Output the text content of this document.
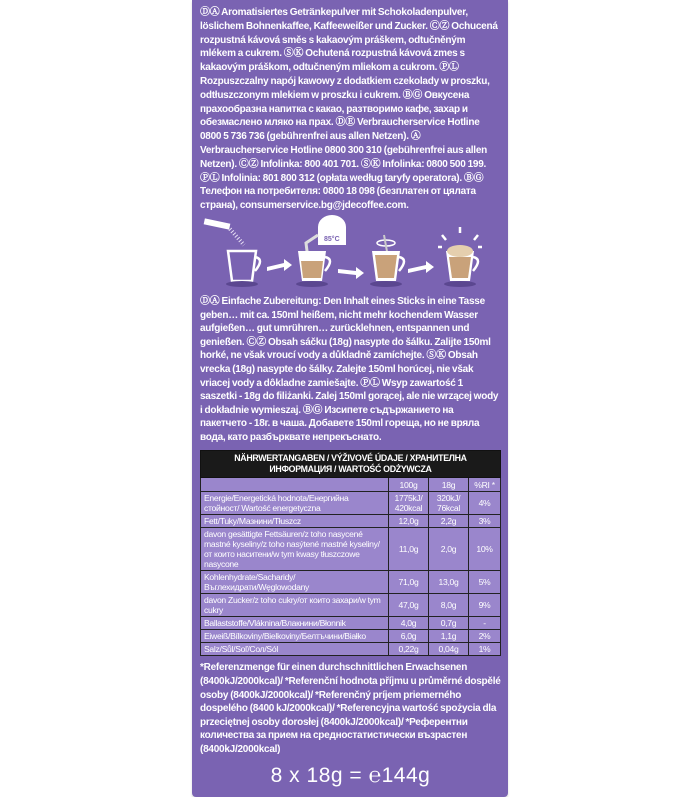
ⒹⒶ Aromatisiertes Getränkepulver mit Schokoladenpulver, löslichem Bohnenkaffee, Kaffeeweißer und Zucker. ⒸⓏ Ochucená rozpustná kávová směs s kakaovým práškem, odtučněným mlékem a cukrem. ⓈⓀ Ochutená rozpustná kávová zmes s kakaovým práškom, odtučneným mliekom a cukrom. ⓅⓁ Rozpuszczalny napój kawowy z dodatkiem czekolady w proszku, odtłuszczonym mlekiem w proszku i cukrem. ⒷⒼ Овкусена прахообразна напитка с какао, разтворимо кафе, захар и обезмаслено мляко на прах. ⒹⒺ Verbraucherservice Hotline 0800 5 736 736 (gebührenfrei aus allen Netzen). Ⓐ Verbraucherservice Hotline 0800 300 310 (gebührenfrei aus allen Netzen). ⒸⓏ Infolinka: 800 401 701. ⓈⓀ Infolinka: 0800 500 199. ⓅⓁ Infolinia: 801 800 312 (opłata według taryfy operatora). ⒷⒼ Телефон на потребителя: 0800 18 098 (безплатен от цялата страна), consumerservice.bg@jdecoffee.com.
85°C
ⒹⒶ Einfache Zubereitung: Den Inhalt eines Sticks in eine Tasse geben… mit ca. 150ml heißem, nicht mehr kochendem Wasser aufgießen… gut umrühren… zurücklehnen, entspannen und genießen. ⒸⓏ Obsah sáčku (18g) nasypte do šálku. Zalijte 150ml horké, ne však vroucí vody a důkladně zamíchejte. ⓈⓀ Obsah vrecka (18g) nasypte do šálky. Zalejte 150ml horúcej, nie však vriacej vody a dôkladne zamiešajte. ⓅⓁ Wsyp zawartość 1 saszetki - 18g do filiżanki. Zalej 150ml gorącej, ale nie wrzącej wody i dokładnie wymieszaj. ⒷⒼ Изсипете съдържанието на пакетчето - 18г. в чаша. Добавете 150ml гореща, но не вряла вода, като разбърквате непрекъснато.
NÄHRWERTANGABEN / VÝŽIVOVÉ ÚDAJE / ХРАНИТЕЛНА ИНФОРМАЦИЯ / WARTOŚĆ ODŻYWCZA			
	100g	18g	%RI *
Energie/Energetická hodnota/Енергийна стойност/ Wartość energetyczna	1775kJ/ 420kcal	320kJ/ 76kcal	4%
Fett/Tuky/Мазнини/Tłuszcz	12,0g	2,2g	3%
davon gesättigte Fettsäuren/z toho nasycené mastné kyseliny/z toho nasýtené mastné kyseliny/от които наситени/w tym kwasy tłuszczowe nasycone	11,0g	2,0g	10%
Kohlenhydrate/Sacharidy/Въглехидрати/Węglowodany	71,0g	13,0g	5%
davon Zucker/z toho cukry/от които захари/w tym cukry	47,0g	8,0g	9%
Ballaststoffe/Vláknina/Влакнини/Błonnik	4,0g	0,7g	-
Eiweiß/Bílkoviny/Bielkoviny/Белтъчини/Białko	6,0g	1,1g	2%
Salz/Sůl/Soľ/Сол/Sól	0,22g	0,04g	1%
*Referenzmenge für einen durchschnittlichen Erwachsenen (8400kJ/2000kcal)/ *Referenční hodnota příjmu u průměrné dospělé osoby (8400kJ/2000kcal)/ *Referenčný príjem priemerného dospelého (8400 kJ/2000kcal)/ *Referencyjna wartość spożycia dla przeciętnej osoby dorosłej (8400kJ/2000kcal)/ *Референтни количества за прием на средностатистически възрастен (8400kJ/2000kcal)
8 x 18g = ℮144g
